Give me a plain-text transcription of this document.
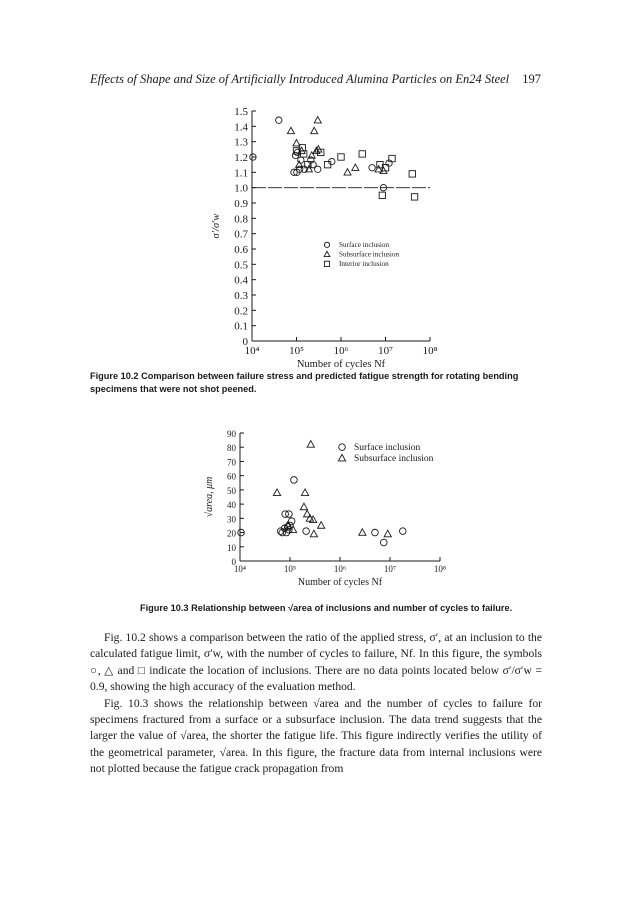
Effects of Shape and Size of Artificially Introduced Alumina Particles on En24 Steel 197
0
0.1
0.2
0.3
0.4
0.5
0.6
0.7
0.8
0.9
1.0
1.1
1.2
1.3
1.4
1.5
10⁴	10⁵	10⁶	10⁷	10⁸
Number of cycles Nf
σ′/σ′w
Surface inclusion
Subsurface inclusion
Interior inclusion
Figure 10.2 Comparison between failure stress and predicted fatigue strength for rotating bending specimens that were not shot peened.
0
10
20
30
40
50
60
70
80
90
10⁴	10⁵	10⁶	10⁷	10⁸
Number of cycles Nf
√area, μm
Surface inclusion
Subsurface inclusion
Figure 10.3 Relationship between √area of inclusions and number of cycles to failure.

Fig. 10.2 shows a comparison between the ratio of the applied stress, σ′, at an inclusion to the calculated fatigue limit, σ′w, with the number of cycles to failure, Nf. In this figure, the symbols ○, △ and □ indicate the location of inclusions. There are no data points located below σ′/σ′w = 0.9, showing the high accuracy of the evaluation method.

Fig. 10.3 shows the relationship between √area and the number of cycles to failure for specimens fractured from a surface or a subsurface inclusion. The data trend suggests that the larger the value of √area, the shorter the fatigue life. This figure indirectly verifies the utility of the geometrical parameter, √area. In this figure, the fracture data from internal inclusions were not plotted because the fatigue crack propagation from
